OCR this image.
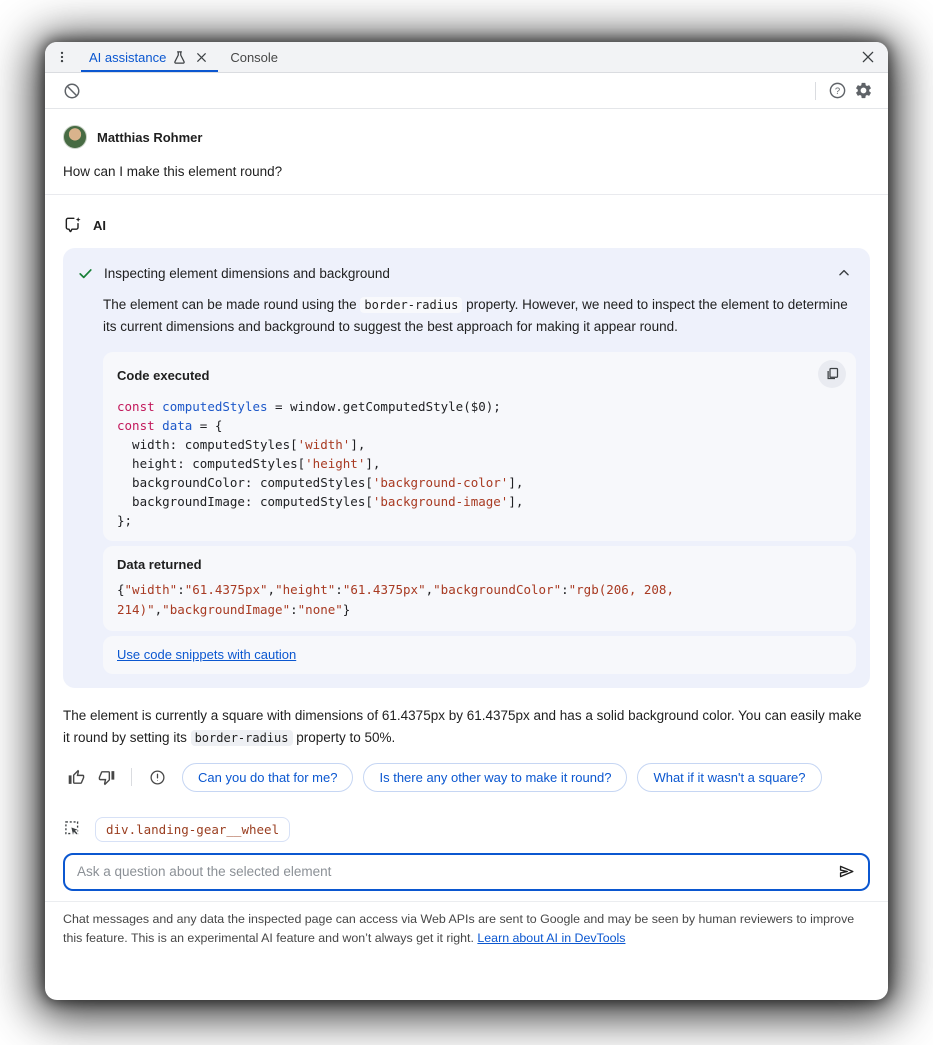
AI assistance	Console
?
Matthias Rohmer
How can I make this element round?
AI
Inspecting element dimensions and background
The element can be made round using the border-radius property. However, we need to inspect the element to determine its current dimensions and background to suggest the best approach for making it appear round.
Code executed
const computedStyles = window.getComputedStyle($0);
const data = {
width: computedStyles['width'],
height: computedStyles['height'],
backgroundColor: computedStyles['background-color'],
backgroundImage: computedStyles['background-image'],
};
Data returned
{"width":"61.4375px","height":"61.4375px","backgroundColor":"rgb(206, 208, 214)","backgroundImage":"none"}
Use code snippets with caution
The element is currently a square with dimensions of 61.4375px by 61.4375px and has a solid background color. You can easily make it round by setting its border-radius property to 50%.
Can you do that for me?	Is there any other way to make it round?	What if it wasn't a square?
div.landing-gear__wheel
Ask a question about the selected element
Chat messages and any data the inspected page can access via Web APIs are sent to Google and may be seen by human reviewers to improve this feature. This is an experimental AI feature and won’t always get it right. Learn about AI in DevTools
